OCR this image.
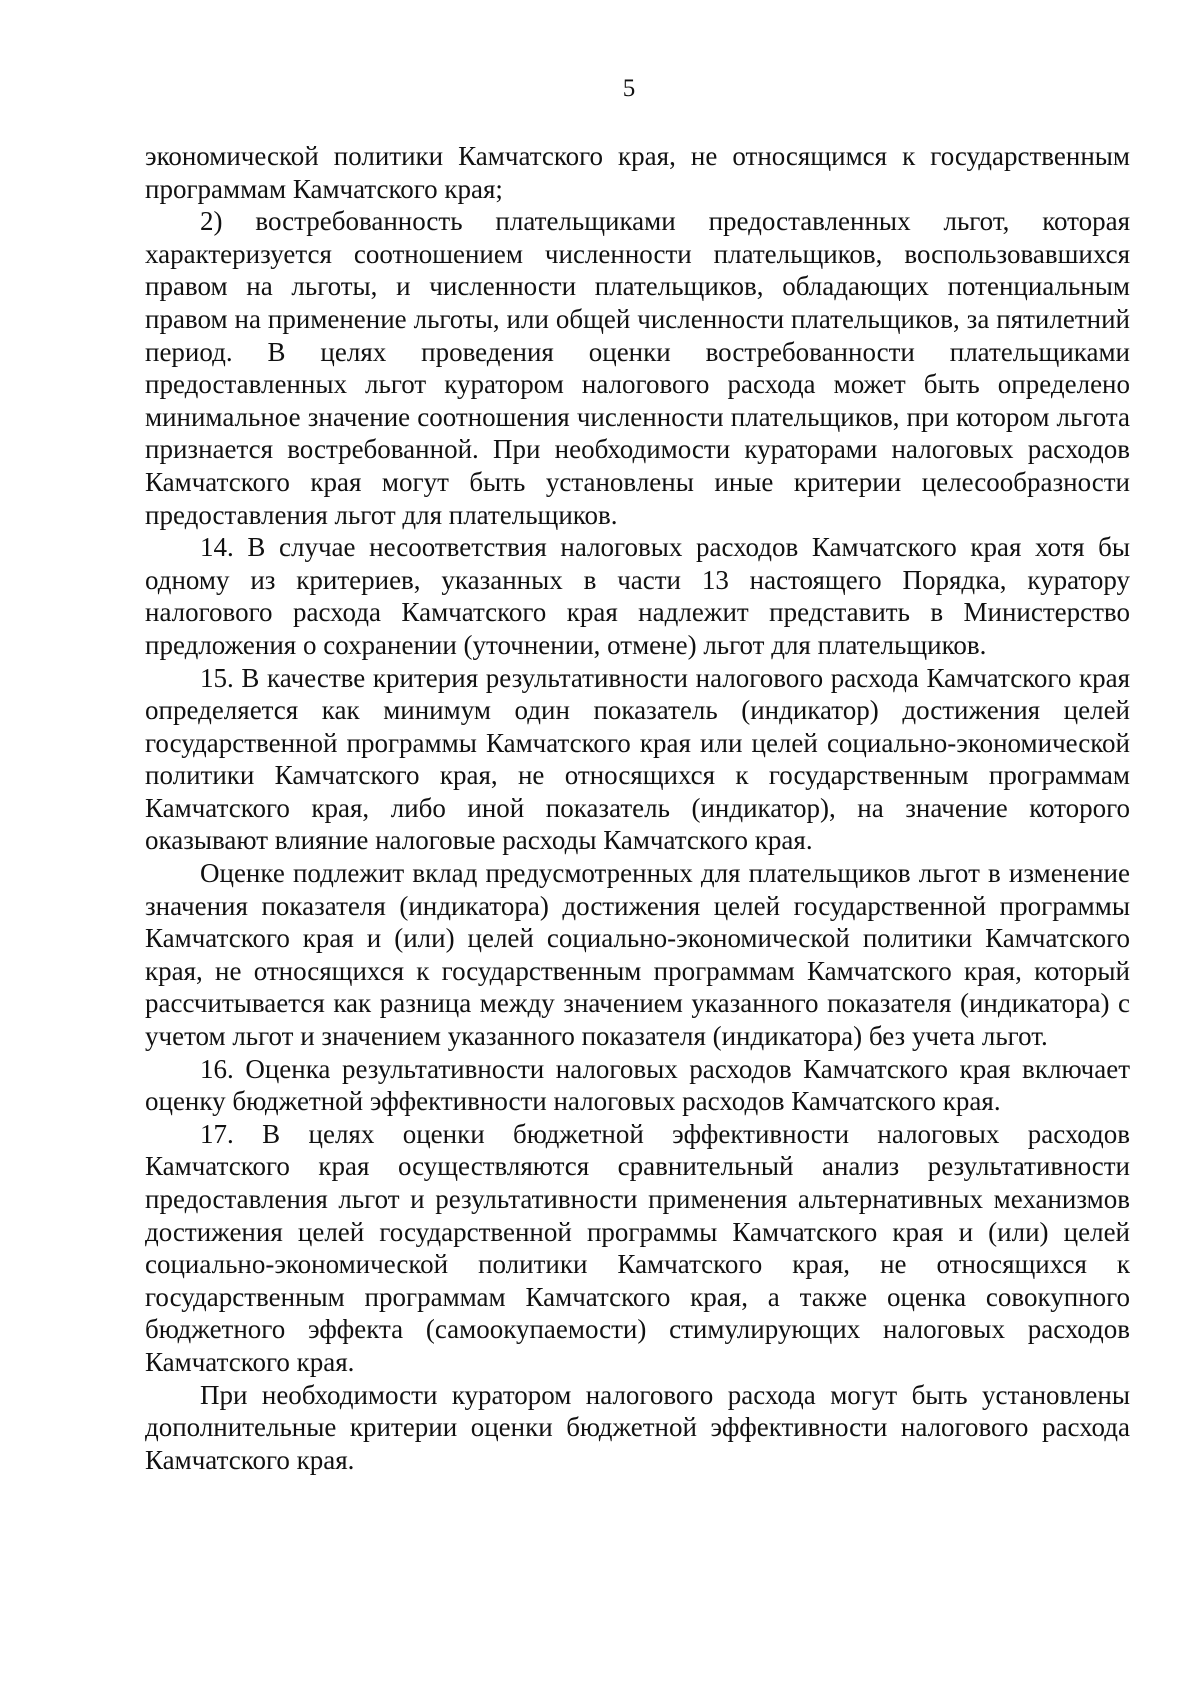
5

экономической политики Камчатского края, не относящимся к государственным программам Камчатского края;

2) востребованность плательщиками предоставленных льгот, которая характеризуется соотношением численности плательщиков, воспользовавшихся правом на льготы, и численности плательщиков, обладающих потенциальным правом на применение льготы, или общей численности плательщиков, за пятилетний период. В целях проведения оценки востребованности плательщиками предоставленных льгот куратором налогового расхода может быть определено минимальное значение соотношения численности плательщиков, при котором льгота признается востребованной. При необходимости кураторами налоговых расходов Камчатского края могут быть установлены иные критерии целесообразности предоставления льгот для плательщиков.

14. В случае несоответствия налоговых расходов Камчатского края хотя бы одному из критериев, указанных в части 13 настоящего Порядка, куратору налогового расхода Камчатского края надлежит представить в Министерство предложения о сохранении (уточнении, отмене) льгот для плательщиков.

15. В качестве критерия результативности налогового расхода Камчатского края определяется как минимум один показатель (индикатор) достижения целей государственной программы Камчатского края или целей социально-экономической политики Камчатского края, не относящихся к государственным программам Камчатского края, либо иной показатель (индикатор), на значение которого оказывают влияние налоговые расходы Камчатского края.

Оценке подлежит вклад предусмотренных для плательщиков льгот в изменение значения показателя (индикатора) достижения целей государственной программы Камчатского края и (или) целей социально-экономической политики Камчатского края, не относящихся к государственным программам Камчатского края, который рассчитывается как разница между значением указанного показателя (индикатора) с учетом льгот и значением указанного показателя (индикатора) без учета льгот.

16. Оценка результативности налоговых расходов Камчатского края включает оценку бюджетной эффективности налоговых расходов Камчатского края.

17. В целях оценки бюджетной эффективности налоговых расходов Камчатского края осуществляются сравнительный анализ результативности предоставления льгот и результативности применения альтернативных механизмов достижения целей государственной программы Камчатского края и (или) целей социально-экономической политики Камчатского края, не относящихся к государственным программам Камчатского края, а также оценка совокупного бюджетного эффекта (самоокупаемости) стимулирующих налоговых расходов Камчатского края.

При необходимости куратором налогового расхода могут быть установлены дополнительные критерии оценки бюджетной эффективности налогового расхода Камчатского края.
